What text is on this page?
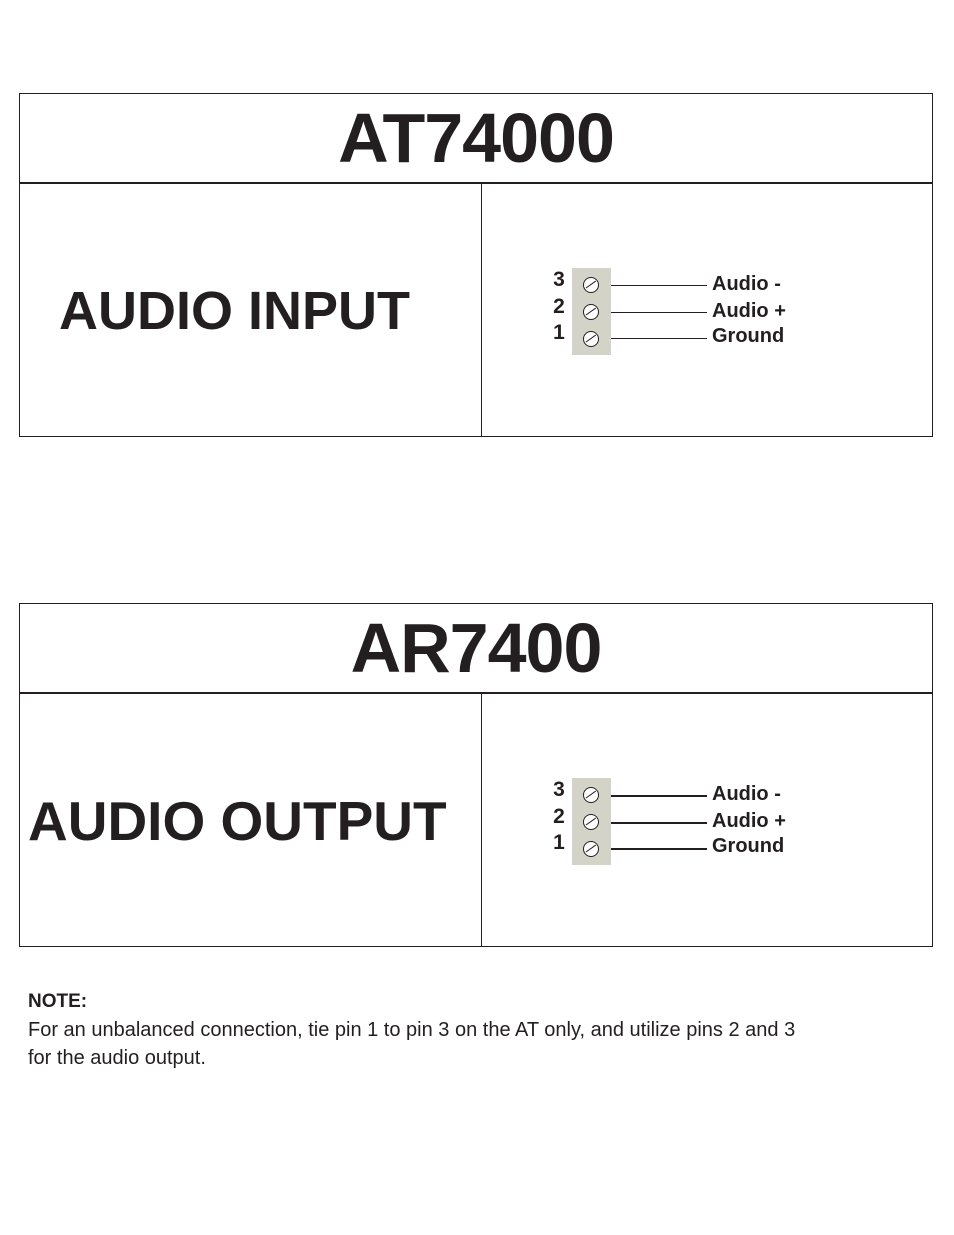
AT74000
AUDIO INPUT
3
2
1
Audio -
Audio +
Ground
AR7400
AUDIO OUTPUT
3
2
1
Audio -
Audio +
Ground
NOTE:
For an unbalanced connection, tie pin 1 to pin 3 on the AT only, and utilize pins 2 and 3
for the audio output.
